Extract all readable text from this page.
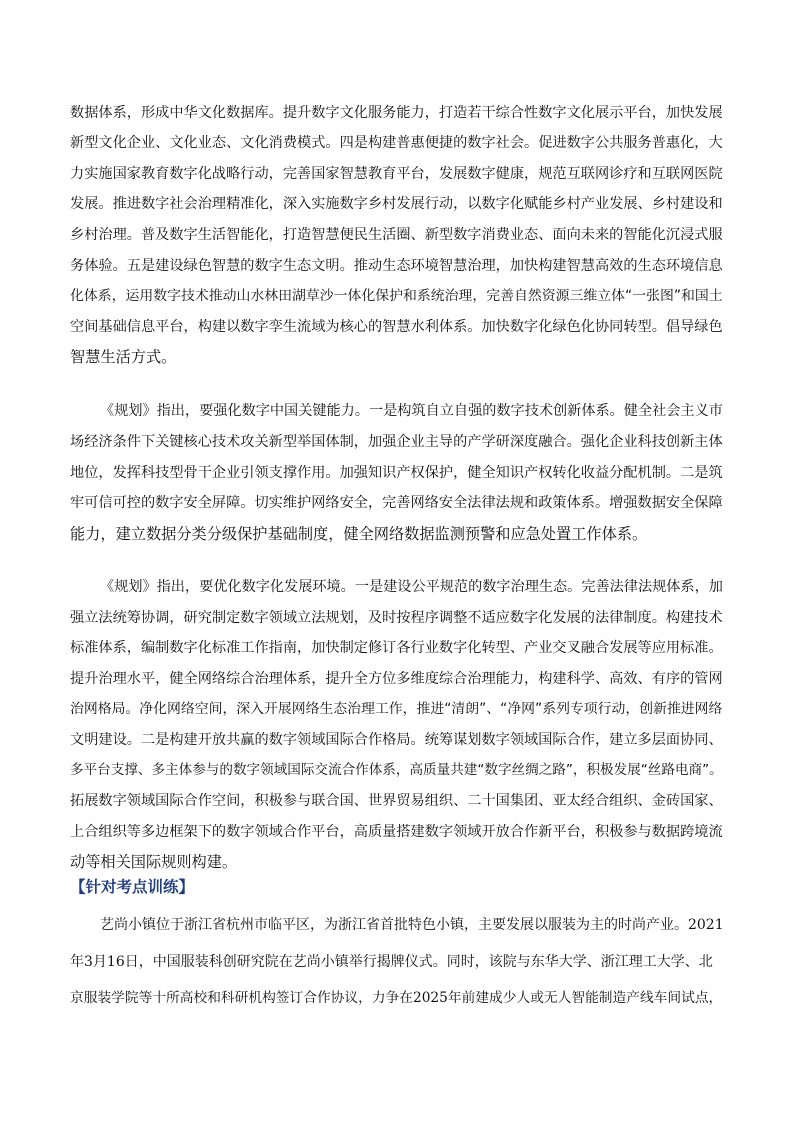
数据体系，形成中华文化数据库。提升数字文化服务能力，打造若干综合性数字文化展示平台，加快发展
新型文化企业、文化业态、文化消费模式。四是构建普惠便捷的数字社会。促进数字公共服务普惠化，大
力实施国家教育数字化战略行动，完善国家智慧教育平台，发展数字健康，规范互联网诊疗和互联网医院
发展。推进数字社会治理精准化，深入实施数字乡村发展行动，以数字化赋能乡村产业发展、乡村建设和
乡村治理。普及数字生活智能化，打造智慧便民生活圈、新型数字消费业态、面向未来的智能化沉浸式服
务体验。五是建设绿色智慧的数字生态文明。推动生态环境智慧治理，加快构建智慧高效的生态环境信息
化体系，运用数字技术推动山水林田湖草沙一体化保护和系统治理，完善自然资源三维立体“一张图”和国土
空间基础信息平台，构建以数字孪生流域为核心的智慧水利体系。加快数字化绿色化协同转型。倡导绿色
智慧生活方式。
《规划》指出，要强化数字中国关键能力。一是构筑自立自强的数字技术创新体系。健全社会主义市
场经济条件下关键核心技术攻关新型举国体制，加强企业主导的产学研深度融合。强化企业科技创新主体
地位，发挥科技型骨干企业引领支撑作用。加强知识产权保护，健全知识产权转化收益分配机制。二是筑
牢可信可控的数字安全屏障。切实维护网络安全，完善网络安全法律法规和政策体系。增强数据安全保障
能力，建立数据分类分级保护基础制度，健全网络数据监测预警和应急处置工作体系。
《规划》指出，要优化数字化发展环境。一是建设公平规范的数字治理生态。完善法律法规体系，加
强立法统筹协调，研究制定数字领域立法规划，及时按程序调整不适应数字化发展的法律制度。构建技术
标准体系，编制数字化标准工作指南，加快制定修订各行业数字化转型、产业交叉融合发展等应用标准。
提升治理水平，健全网络综合治理体系，提升全方位多维度综合治理能力，构建科学、高效、有序的管网
治网格局。净化网络空间，深入开展网络生态治理工作，推进“清朗”、“净网”系列专项行动，创新推进网络
文明建设。二是构建开放共赢的数字领域国际合作格局。统筹谋划数字领域国际合作，建立多层面协同、
多平台支撑、多主体参与的数字领域国际交流合作体系，高质量共建“数字丝绸之路”，积极发展“丝路电商”。
拓展数字领域国际合作空间，积极参与联合国、世界贸易组织、二十国集团、亚太经合组织、金砖国家、
上合组织等多边框架下的数字领域合作平台，高质量搭建数字领域开放合作新平台，积极参与数据跨境流
动等相关国际规则构建。
【针对考点训练】
艺尚小镇位于浙江省杭州市临平区，为浙江省首批特色小镇，主要发展以服装为主的时尚产业。2021
年3月16日，中国服装科创研究院在艺尚小镇举行揭牌仪式。同时，该院与东华大学、浙江理工大学、北
京服装学院等十所高校和科研机构签订合作协议，力争在2025年前建成少人或无人智能制造产线车间试点，
